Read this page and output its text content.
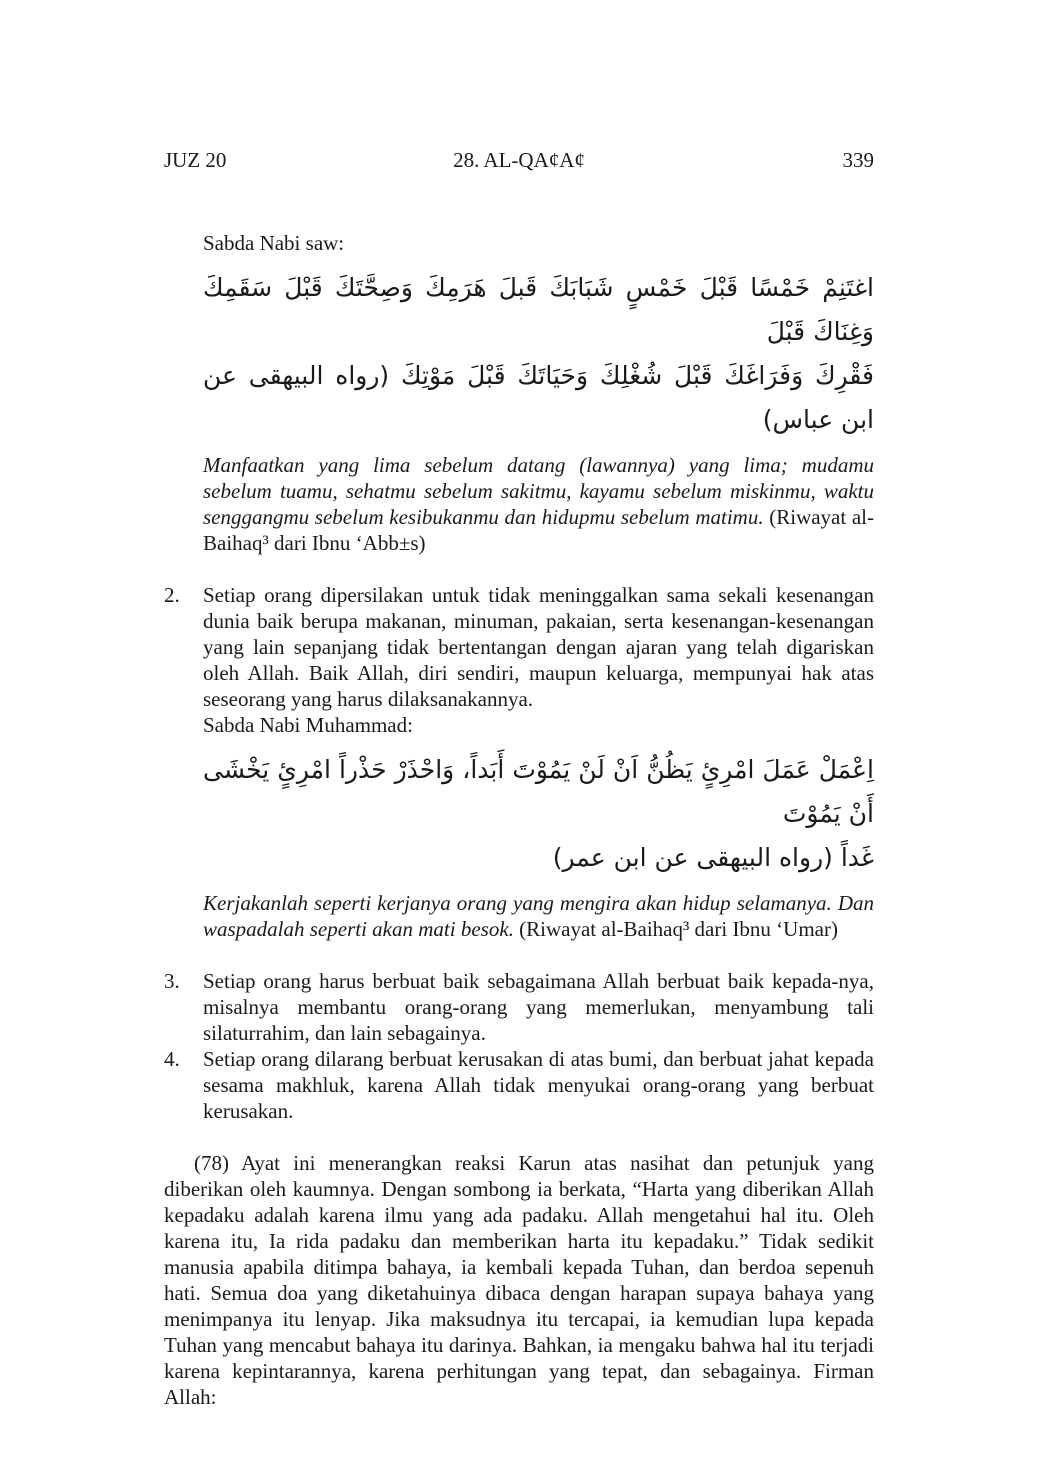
JUZ 20	28. AL-QA¢A¢	339

Sabda Nabi saw:

اغتَنِمْ خَمْسًا قَبْلَ خَمْسٍ شَبَابَكَ قَبلَ هَرَمِكَ وَصِحَّتَكَ قَبْلَ سَقَمِكَ وَغِنَاكَ قَبْلَ
فَقْرِكَ وَفَرَاغَكَ قَبْلَ شُغْلِكَ وَحَيَاتَكَ قَبْلَ مَوْتِكَ (رواه البيهقى عن ابن عباس)

Manfaatkan yang lima sebelum datang (lawannya) yang lima; mudamu sebelum tuamu, sehatmu sebelum sakitmu, kayamu sebelum miskinmu, waktu senggangmu sebelum kesibukanmu dan hidupmu sebelum matimu. (Riwayat al-Baihaq³ dari Ibnu ‘Abb±s)

2. Setiap orang dipersilakan untuk tidak meninggalkan sama sekali kesenangan dunia baik berupa makanan, minuman, pakaian, serta kesenangan-kesenangan yang lain sepanjang tidak bertentangan dengan ajaran yang telah digariskan oleh Allah. Baik Allah, diri sendiri, maupun keluarga, mempunyai hak atas seseorang yang harus dilaksanakannya.

Sabda Nabi Muhammad:

اِعْمَلْ عَمَلَ امْرِئٍ يَظُنُّ اَنْ لَنْ يَمُوْتَ أَبَداً، وَاحْذَرْ حَذْراً امْرِئٍ يَخْشَى أَنْ يَمُوْتَ
غَداً (رواه البيهقى عن ابن عمر)

Kerjakanlah seperti kerjanya orang yang mengira akan hidup selamanya. Dan waspadalah seperti akan mati besok. (Riwayat al-Baihaq³ dari Ibnu ‘Umar)

3. Setiap orang harus berbuat baik sebagaimana Allah berbuat baik kepada-nya, misalnya membantu orang-orang yang memerlukan, menyambung tali silaturrahim, dan lain sebagainya.

4. Setiap orang dilarang berbuat kerusakan di atas bumi, dan berbuat jahat kepada sesama makhluk, karena Allah tidak menyukai orang-orang yang berbuat kerusakan.

(78) Ayat ini menerangkan reaksi Karun atas nasihat dan petunjuk yang diberikan oleh kaumnya. Dengan sombong ia berkata, “Harta yang diberikan Allah kepadaku adalah karena ilmu yang ada padaku. Allah mengetahui hal itu. Oleh karena itu, Ia rida padaku dan memberikan harta itu kepadaku.” Tidak sedikit manusia apabila ditimpa bahaya, ia kembali kepada Tuhan, dan berdoa sepenuh hati. Semua doa yang diketahuinya dibaca dengan harapan supaya bahaya yang menimpanya itu lenyap. Jika maksudnya itu tercapai, ia kemudian lupa kepada Tuhan yang mencabut bahaya itu darinya. Bahkan, ia mengaku bahwa hal itu terjadi karena kepintarannya, karena perhitungan yang tepat, dan sebagainya. Firman Allah:
